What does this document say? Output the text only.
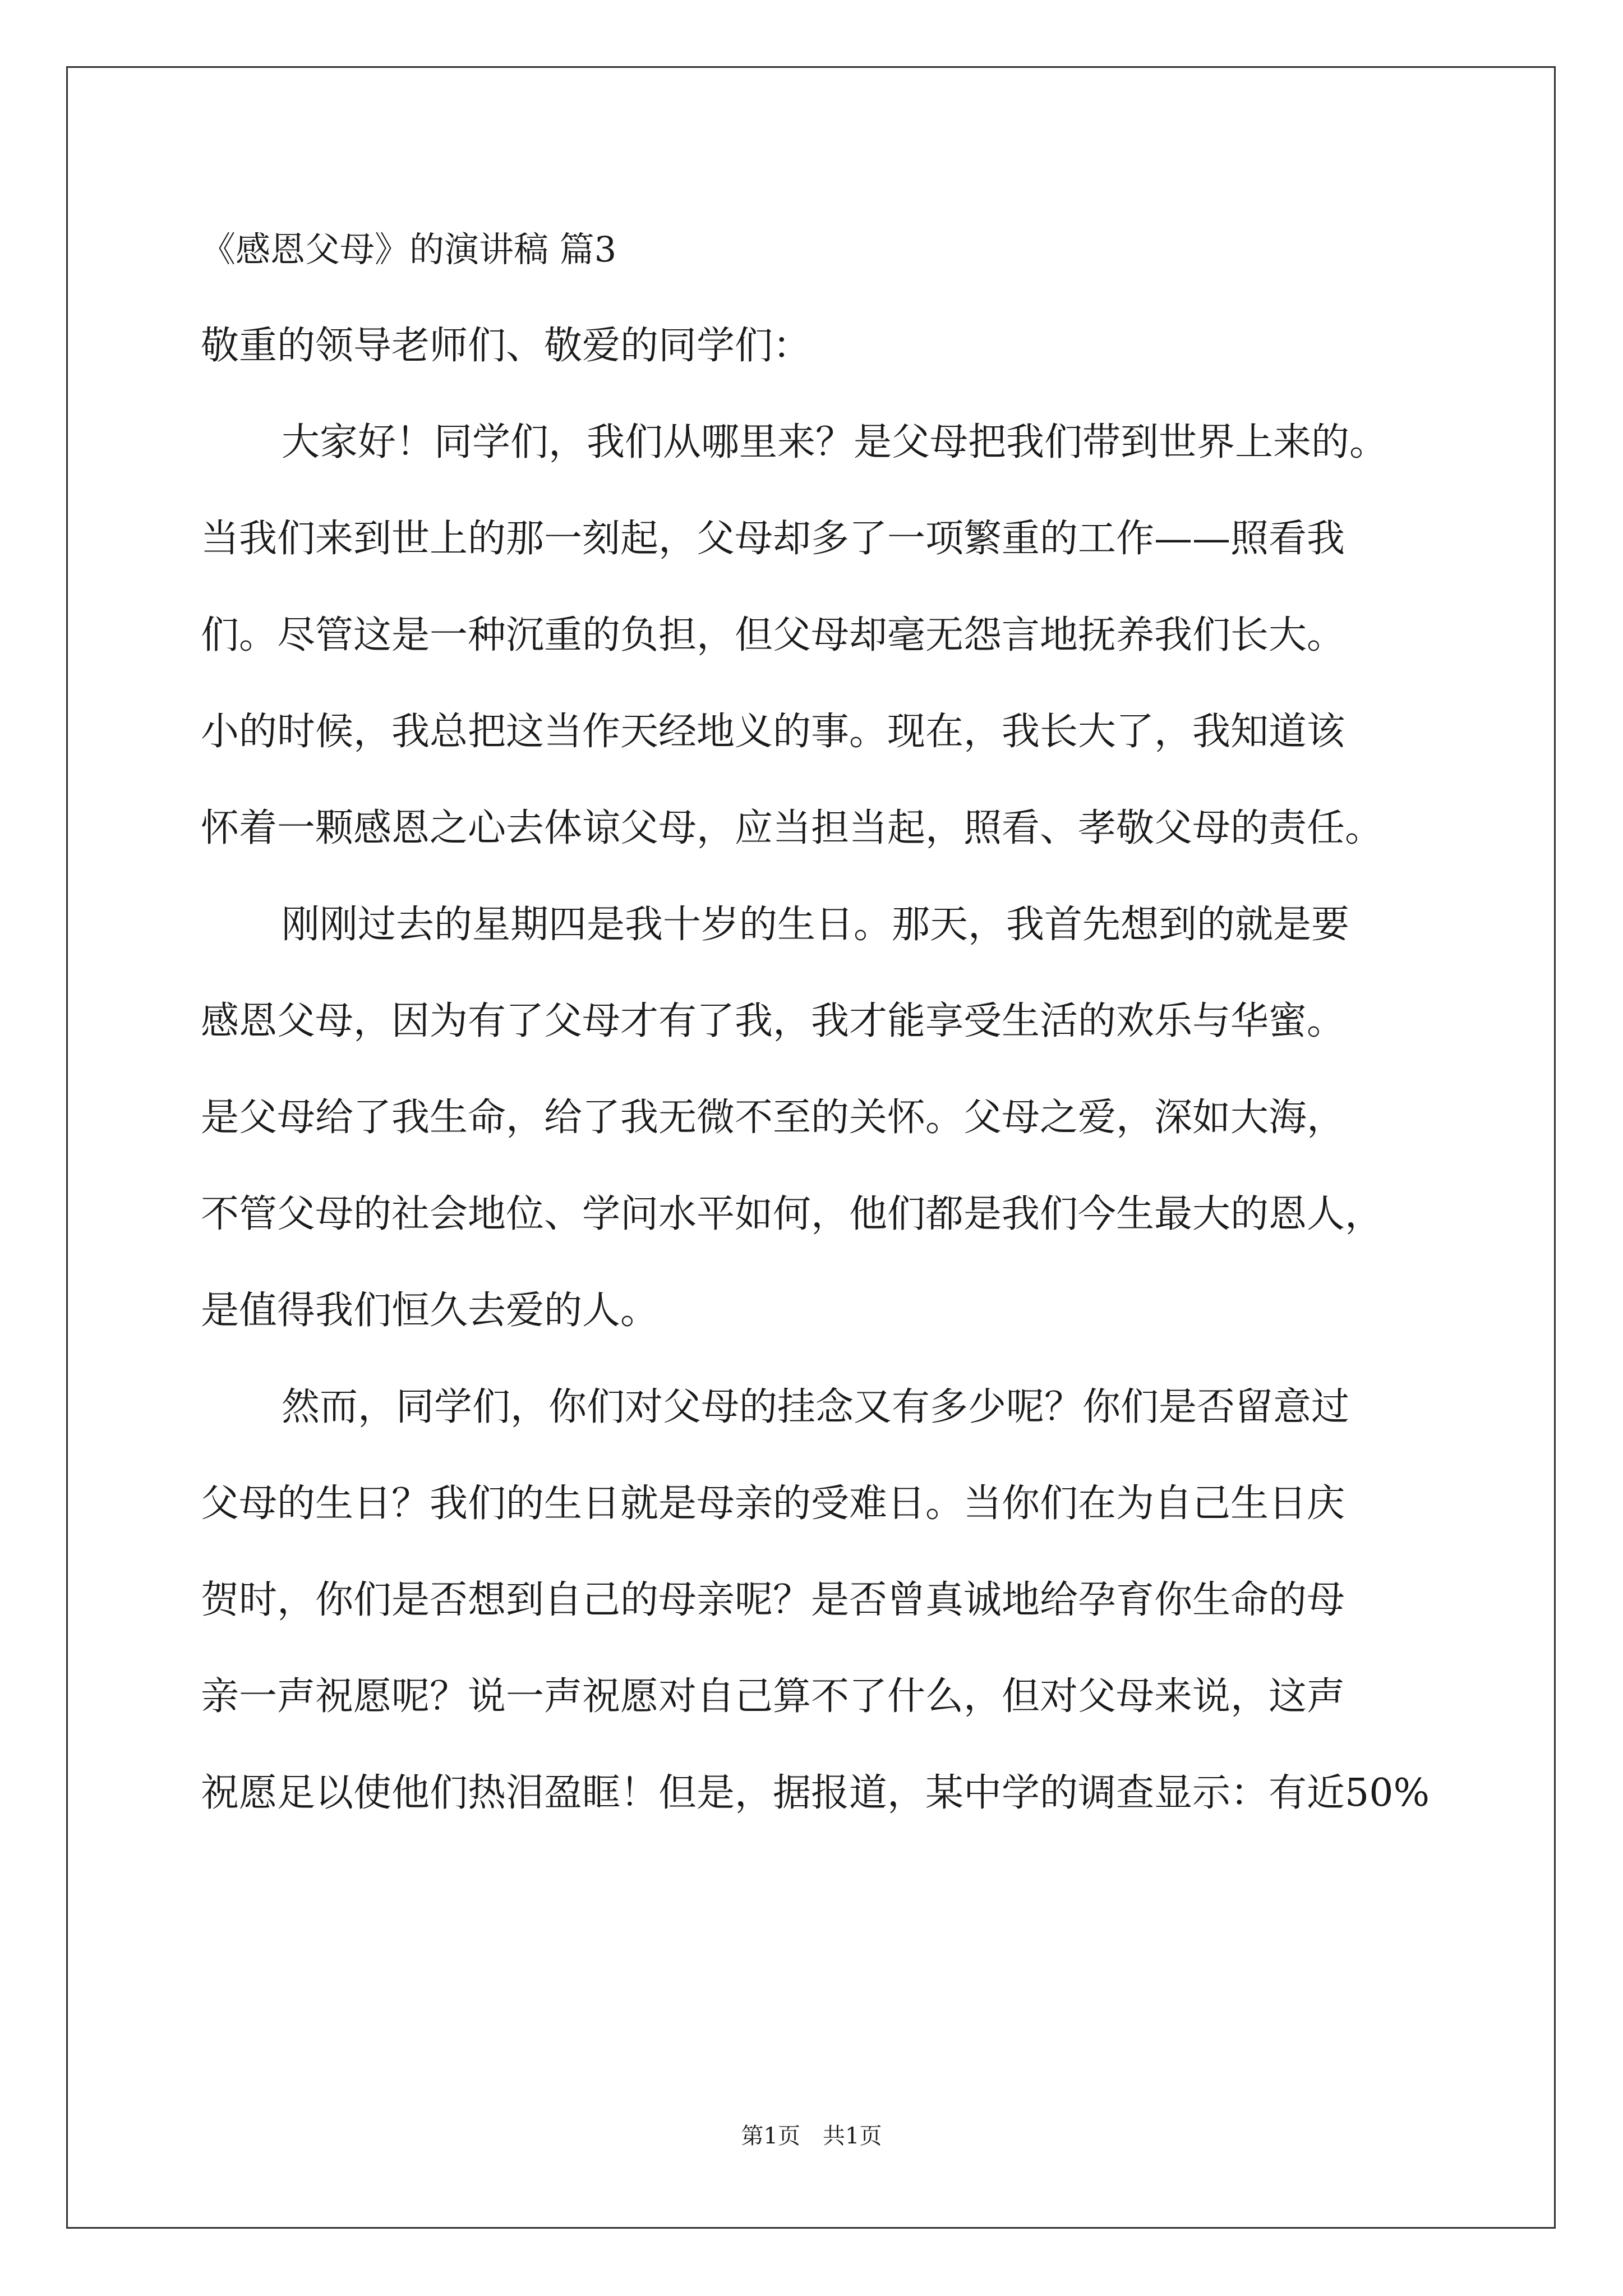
《感恩父母》的演讲稿 篇3
敬重的领导老师们、敬爱的同学们：
大家好！同学们，我们从哪里来？是父母把我们带到世界上来的。
当我们来到世上的那一刻起，父母却多了一项繁重的工作——照看我
们。尽管这是一种沉重的负担，但父母却毫无怨言地抚养我们长大。
小的时候，我总把这当作天经地义的事。现在，我长大了，我知道该
怀着一颗感恩之心去体谅父母，应当担当起，照看、孝敬父母的责任。
刚刚过去的星期四是我十岁的生日。那天，我首先想到的就是要
感恩父母，因为有了父母才有了我，我才能享受生活的欢乐与华蜜。
是父母给了我生命，给了我无微不至的关怀。父母之爱，深如大海，
不管父母的社会地位、学问水平如何，他们都是我们今生最大的恩人，
是值得我们恒久去爱的人。
然而，同学们，你们对父母的挂念又有多少呢？你们是否留意过
父母的生日？我们的生日就是母亲的受难日。当你们在为自己生日庆
贺时，你们是否想到自己的母亲呢？是否曾真诚地给孕育你生命的母
亲一声祝愿呢？说一声祝愿对自己算不了什么，但对父母来说，这声
祝愿足以使他们热泪盈眶！但是，据报道，某中学的调查显示：有近50%
第1页 共1页
